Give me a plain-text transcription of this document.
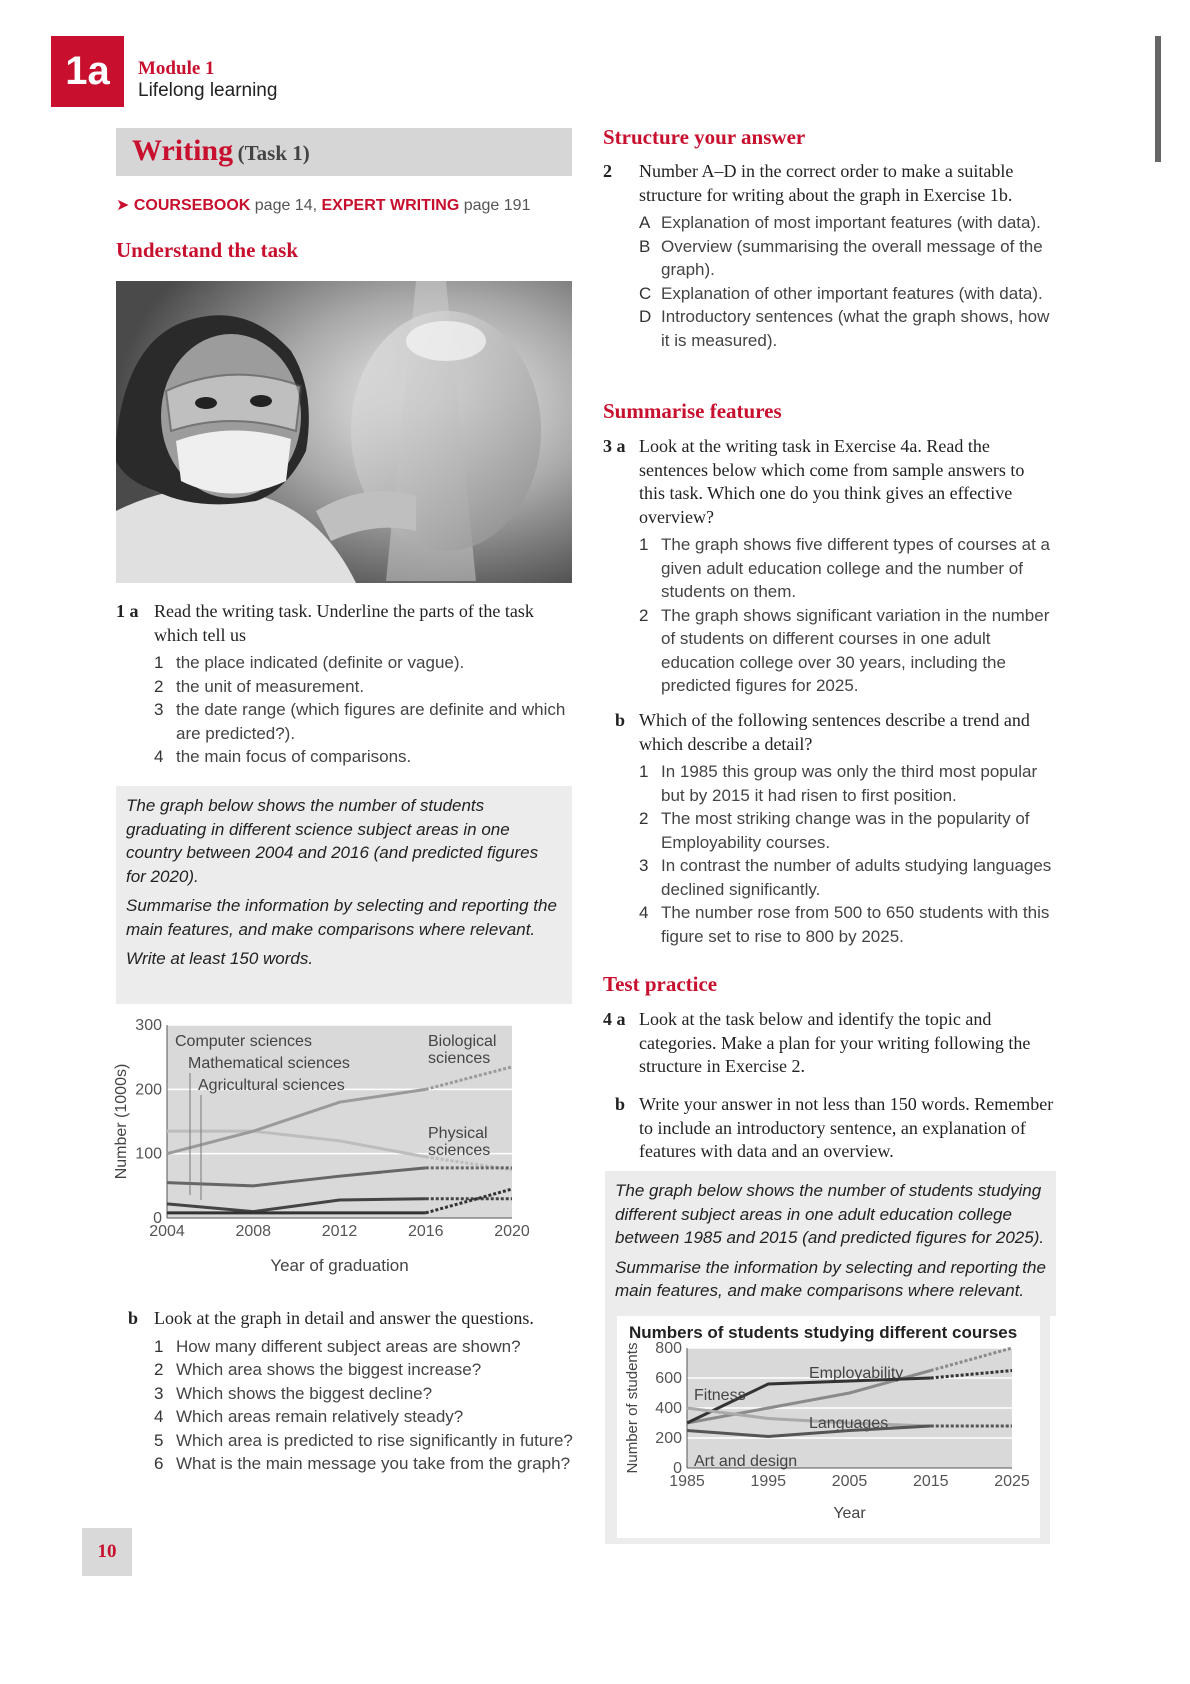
1a	Module 1
Lifelong learning
Writing (Task 1)
➤ COURSEBOOK page 14, EXPERT WRITING page 191
Understand the task
1 a Read the writing task. Underline the parts of the task which tell us
1 the place indicated (definite or vague).
2 the unit of measurement.
3 the date range (which figures are definite and which are predicted?).
4 the main focus of comparisons.

The graph below shows the number of students graduating in different science subject areas in one country between 2004 and 2016 (and predicted figures for 2020).

Summarise the information by selecting and reporting the main features, and make comparisons where relevant.

Write at least 150 words.

0
100
200
300
2004	2008	2012	2016	2020
Year of graduation
Number (1000s)
Computer sciences	Biological
sciences
Mathematical sciences
Physical
sciences
Agricultural sciences
b Look at the graph in detail and answer the questions.
1 How many different subject areas are shown?
2 Which area shows the biggest increase?
3 Which shows the biggest decline?
4 Which areas remain relatively steady?
5 Which area is predicted to rise significantly in future?
6 What is the main message you take from the graph?
Structure your answer
2 Number A–D in the correct order to make a suitable structure for writing about the graph in Exercise 1b.
A Explanation of most important features (with data).
B Overview (summarising the overall message of the graph).
C Explanation of other important features (with data).
D Introductory sentences (what the graph shows, how it is measured).
Summarise features
3 a Look at the writing task in Exercise 4a. Read the sentences below which come from sample answers to this task. Which one do you think gives an effective overview?
1 The graph shows five different types of courses at a given adult education college and the number of students on them.
2 The graph shows significant variation in the number of students on different courses in one adult education college over 30 years, including the predicted figures for 2025.
b Which of the following sentences describe a trend and which describe a detail?
1 In 1985 this group was only the third most popular but by 2015 it had risen to first position.
2 The most striking change was in the popularity of Employability courses.
3 In contrast the number of adults studying languages declined significantly.
4 The number rose from 500 to 650 students with this figure set to rise to 800 by 2025.
Test practice
4 a Look at the task below and identify the topic and categories. Make a plan for your writing following the structure in Exercise 2.
b Write your answer in not less than 150 words. Remember to include an introductory sentence, an explanation of features with data and an overview.

The graph below shows the number of students studying different subject areas in one adult education college between 1985 and 2015 (and predicted figures for 2025).

Summarise the information by selecting and reporting the main features, and make comparisons where relevant.

Numbers of students studying different courses
0
200
400
600
800
1985	1995	2005	2015	2025
Year
Number of students	Employability
Fitness
Languages
Art and design
10
